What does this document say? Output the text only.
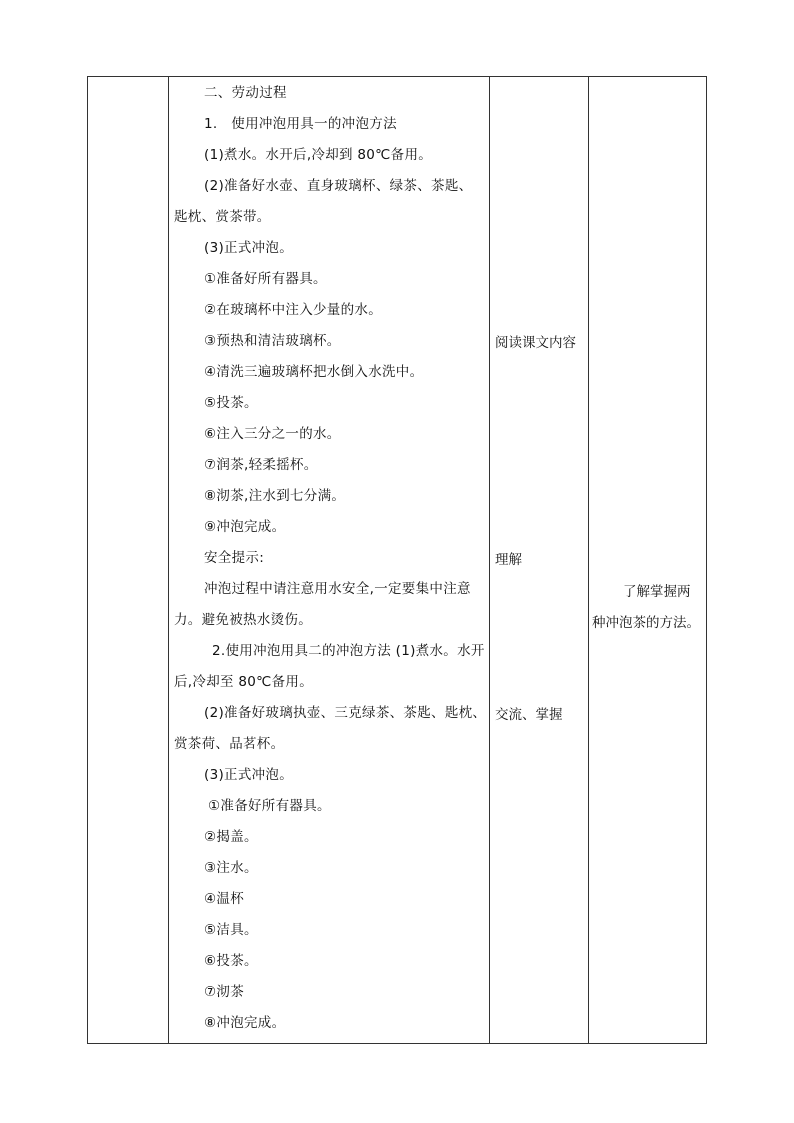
二、劳动过程
1.　使用冲泡用具一的冲泡方法
(1)煮水。水开后,冷却到 80℃备用。
(2)准备好水壶、直身玻璃杯、绿茶、茶匙、
匙枕、赏茶带。
(3)正式冲泡。
①准备好所有器具。
②在玻璃杯中注入少量的水。
③预热和清洁玻璃杯。
④清洗三遍玻璃杯把水倒入水洗中。
⑤投茶。
⑥注入三分之一的水。
⑦润茶,轻柔摇杯。
⑧沏茶,注水到七分满。
⑨冲泡完成。
安全提示:
冲泡过程中请注意用水安全,一定要集中注意
力。避免被热水烫伤。
2.使用冲泡用具二的冲泡方法 (1)煮水。水开
后,冷却至 80℃备用。
(2)准备好玻璃执壶、三克绿茶、茶匙、匙枕、
赏茶荷、品茗杯。
(3)正式冲泡。
①准备好所有器具。
②揭盖。
③注水。
④温杯
⑤洁具。
⑥投茶。
⑦沏茶
⑧冲泡完成。
阅读课文内容
理解
交流、掌握
了解掌握两
种冲泡茶的方法。
